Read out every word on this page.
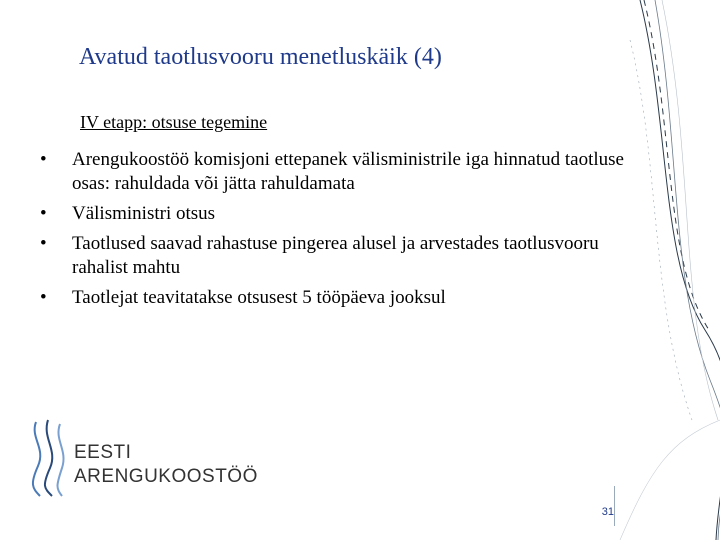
Avatud taotlusvooru menetluskäik (4)
IV etapp: otsuse tegemine
• Arengukoostöö komisjoni ettepanek välisministrile iga hinnatud taotluse osas: rahuldada või jätta rahuldamata
• Välisministri otsus
• Taotlused saavad rahastuse pingerea alusel ja arvestades taotlusvooru rahalist mahtu
• Taotlejat teavitatakse otsusest 5 tööpäeva jooksul
EESTI
ARENGUKOOSTÖÖ
31
